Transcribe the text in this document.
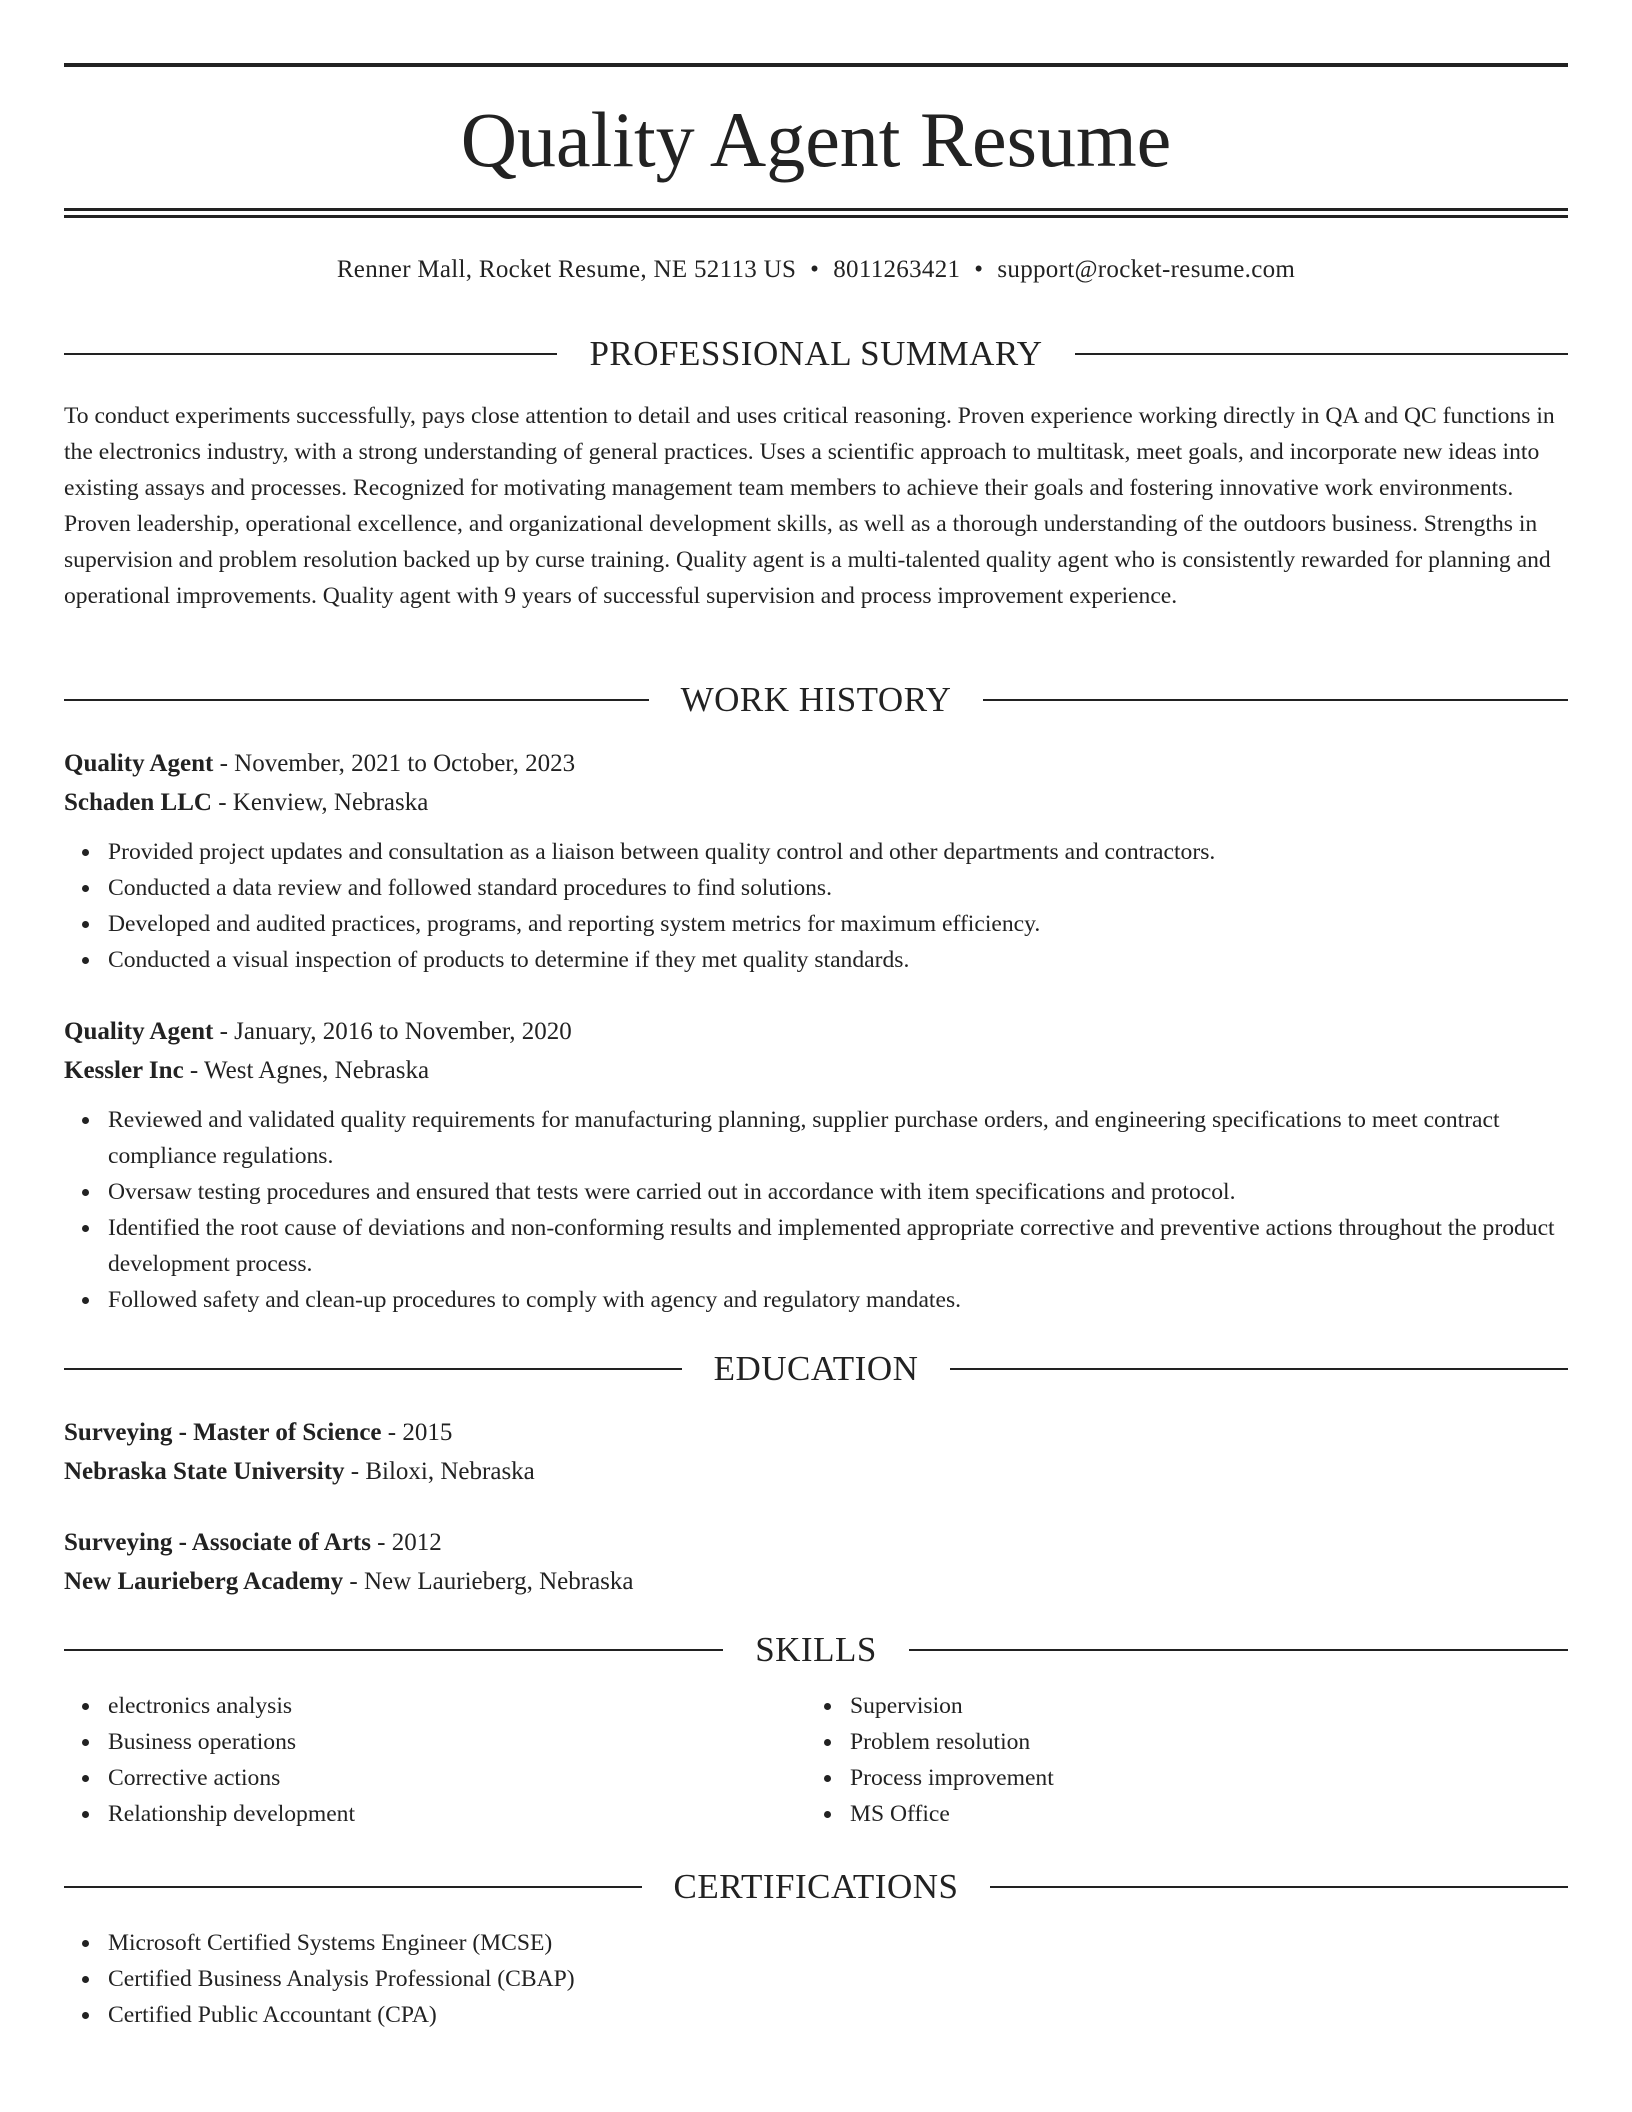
Quality Agent Resume
Renner Mall, Rocket Resume, NE 52113 US • 8011263421 • support@rocket-resume.com
PROFESSIONAL SUMMARY

To conduct experiments successfully, pays close attention to detail and uses critical reasoning. Proven experience working directly in QA and QC functions in the electronics industry, with a strong understanding of general practices. Uses a scientific approach to multitask, meet goals, and incorporate new ideas into existing assays and processes. Recognized for motivating management team members to achieve their goals and fostering innovative work environments. Proven leadership, operational excellence, and organizational development skills, as well as a thorough understanding of the outdoors business. Strengths in supervision and problem resolution backed up by curse training. Quality agent is a multi-talented quality agent who is consistently rewarded for planning and operational improvements. Quality agent with 9 years of successful supervision and process improvement experience.

WORK HISTORY

Quality Agent - November, 2021 to October, 2023

Schaden LLC - Kenview, Nebraska

Provided project updates and consultation as a liaison between quality control and other departments and contractors.
Conducted a data review and followed standard procedures to find solutions.
Developed and audited practices, programs, and reporting system metrics for maximum efficiency.
Conducted a visual inspection of products to determine if they met quality standards.

Quality Agent - January, 2016 to November, 2020

Kessler Inc - West Agnes, Nebraska

Reviewed and validated quality requirements for manufacturing planning, supplier purchase orders, and engineering specifications to meet contract compliance regulations.
Oversaw testing procedures and ensured that tests were carried out in accordance with item specifications and protocol.
Identified the root cause of deviations and non-conforming results and implemented appropriate corrective and preventive actions throughout the product development process.
Followed safety and clean-up procedures to comply with agency and regulatory mandates.
EDUCATION

Surveying - Master of Science - 2015

Nebraska State University - Biloxi, Nebraska

Surveying - Associate of Arts - 2012

New Laurieberg Academy - New Laurieberg, Nebraska

SKILLS
electronics analysis
Business operations
Corrective actions
Relationship development
Supervision
Problem resolution
Process improvement
MS Office
CERTIFICATIONS
Microsoft Certified Systems Engineer (MCSE)
Certified Business Analysis Professional (CBAP)
Certified Public Accountant (CPA)
